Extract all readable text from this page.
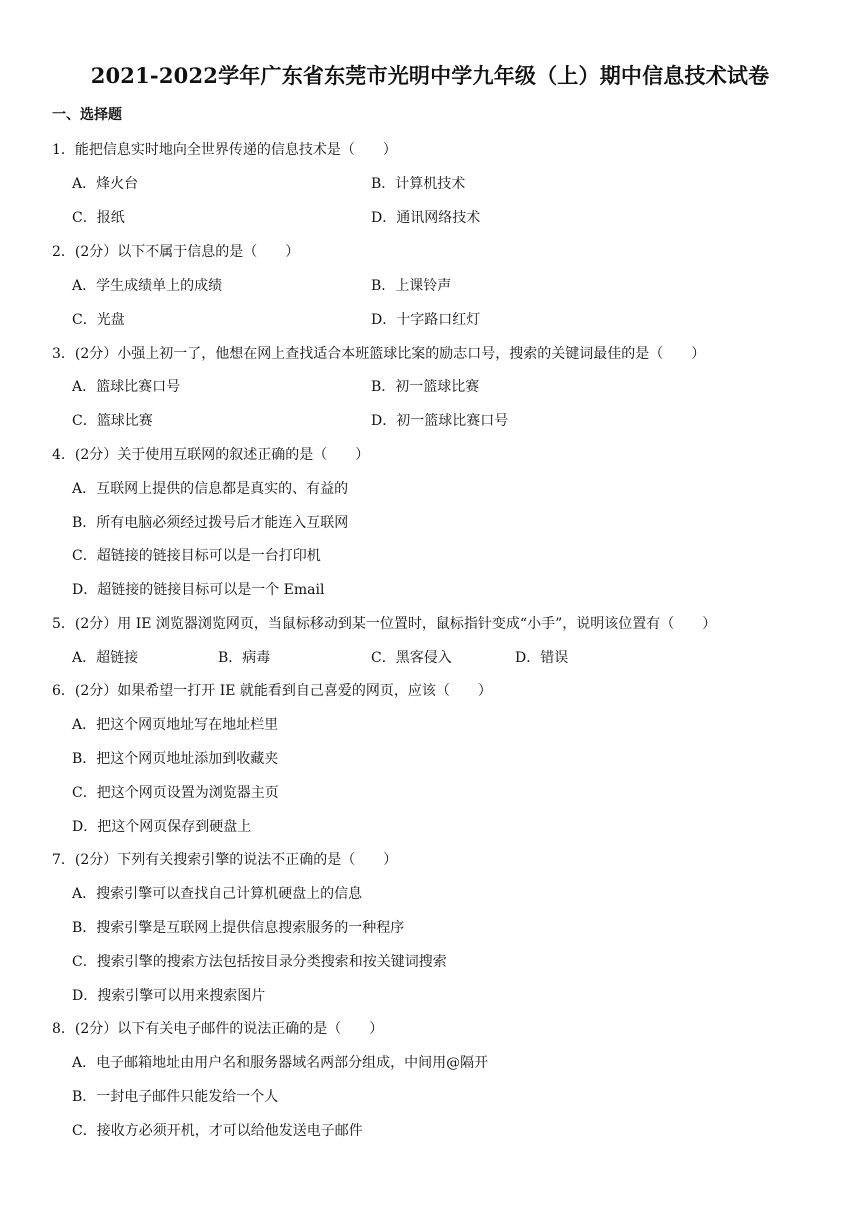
2021-2022学年广东省东莞市光明中学九年级（上）期中信息技术试卷
一、选择题
1．能把信息实时地向全世界传递的信息技术是（　　）
A．烽火台	B．计算机技术
C．报纸	D．通讯网络技术
2．(2分）以下不属于信息的是（　　）
A．学生成绩单上的成绩	B．上课铃声
C．光盘	D．十字路口红灯
3．(2分）小强上初一了，他想在网上查找适合本班篮球比案的励志口号，搜索的关键词最佳的是（　　）
A．篮球比赛口号	B．初一篮球比赛
C．篮球比赛	D．初一篮球比赛口号
4．(2分）关于使用互联网的叙述正确的是（　　）
A．互联网上提供的信息都是真实的、有益的
B．所有电脑必须经过拨号后才能连入互联网
C．超链接的链接目标可以是一台打印机
D．超链接的链接目标可以是一个 Email
5．(2分）用 IE 浏览器浏览网页，当鼠标移动到某一位置时，鼠标指针变成“小手”，说明该位置有（　　）
A．超链接	B．病毒	C．黑客侵入	D．错误
6．(2分）如果希望一打开 IE 就能看到自己喜爱的网页，应该（　　）
A．把这个网页地址写在地址栏里
B．把这个网页地址添加到收藏夹
C．把这个网页设置为浏览器主页
D．把这个网页保存到硬盘上
7．(2分）下列有关搜索引擎的说法不正确的是（　　）
A．搜索引擎可以查找自己计算机硬盘上的信息
B．搜索引擎是互联网上提供信息搜索服务的一种程序
C．搜索引擎的搜索方法包括按目录分类搜索和按关键词搜索
D．搜索引擎可以用来搜索图片
8．(2分）以下有关电子邮件的说法正确的是（　　）
A．电子邮箱地址由用户名和服务器域名两部分组成，中间用@隔开
B．一封电子邮件只能发给一个人
C．接收方必须开机，才可以给他发送电子邮件
